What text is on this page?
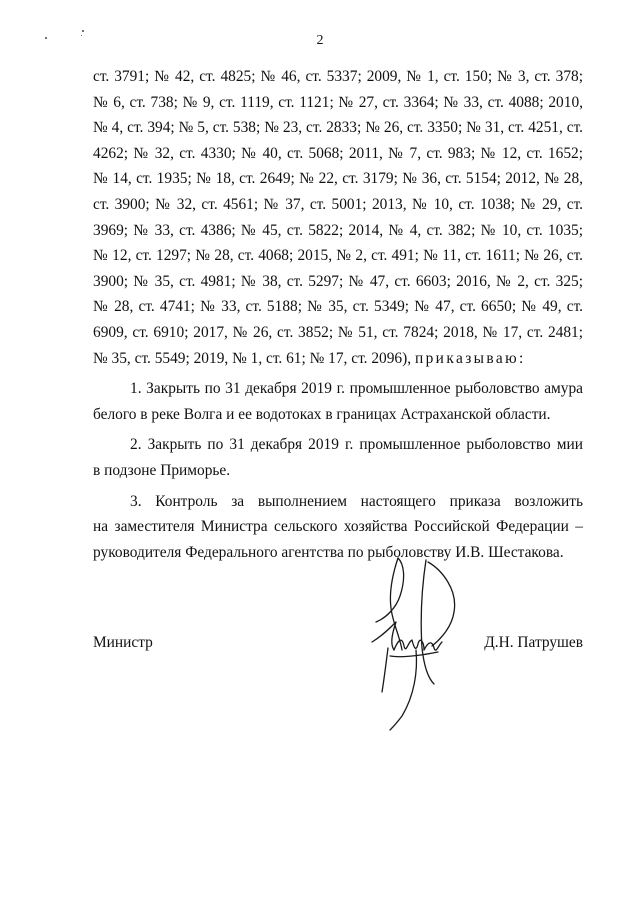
2
ст. 3791; № 42, ст. 4825; № 46, ст. 5337; 2009, № 1, ст. 150; № 3, ст. 378;
№ 6, ст. 738; № 9, ст. 1119, ст. 1121; № 27, ст. 3364; № 33, ст. 4088; 2010,
№ 4, ст. 394; № 5, ст. 538; № 23, ст. 2833; № 26, ст. 3350; № 31, ст. 4251, ст.
4262; № 32, ст. 4330; № 40, ст. 5068; 2011, № 7, ст. 983; № 12, ст. 1652;
№ 14, ст. 1935; № 18, ст. 2649; № 22, ст. 3179; № 36, ст. 5154; 2012, № 28,
ст. 3900; № 32, ст. 4561; № 37, ст. 5001; 2013, № 10, ст. 1038; № 29, ст.
3969; № 33, ст. 4386; № 45, ст. 5822; 2014, № 4, ст. 382; № 10, ст. 1035;
№ 12, ст. 1297; № 28, ст. 4068; 2015, № 2, ст. 491; № 11, ст. 1611; № 26, ст.
3900; № 35, ст. 4981; № 38, ст. 5297; № 47, ст. 6603; 2016, № 2, ст. 325;
№ 28, ст. 4741; № 33, ст. 5188; № 35, ст. 5349; № 47, ст. 6650; № 49, ст.
6909, ст. 6910; 2017, № 26, ст. 3852; № 51, ст. 7824; 2018, № 17, ст. 2481;
№ 35, ст. 5549; 2019, № 1, ст. 61; № 17, ст. 2096), приказываю:
1. Закрыть по 31 декабря 2019 г. промышленное рыболовство амура
белого в реке Волга и ее водотоках в границах Астраханской области.
2. Закрыть по 31 декабря 2019 г. промышленное рыболовство мии
в подзоне Приморье.
3. Контроль за выполнением настоящего приказа возложить
на заместителя Министра сельского хозяйства Российской Федерации –
руководителя Федерального агентства по рыболовству И.В. Шестакова.
Министр	Д.Н. Патрушев
